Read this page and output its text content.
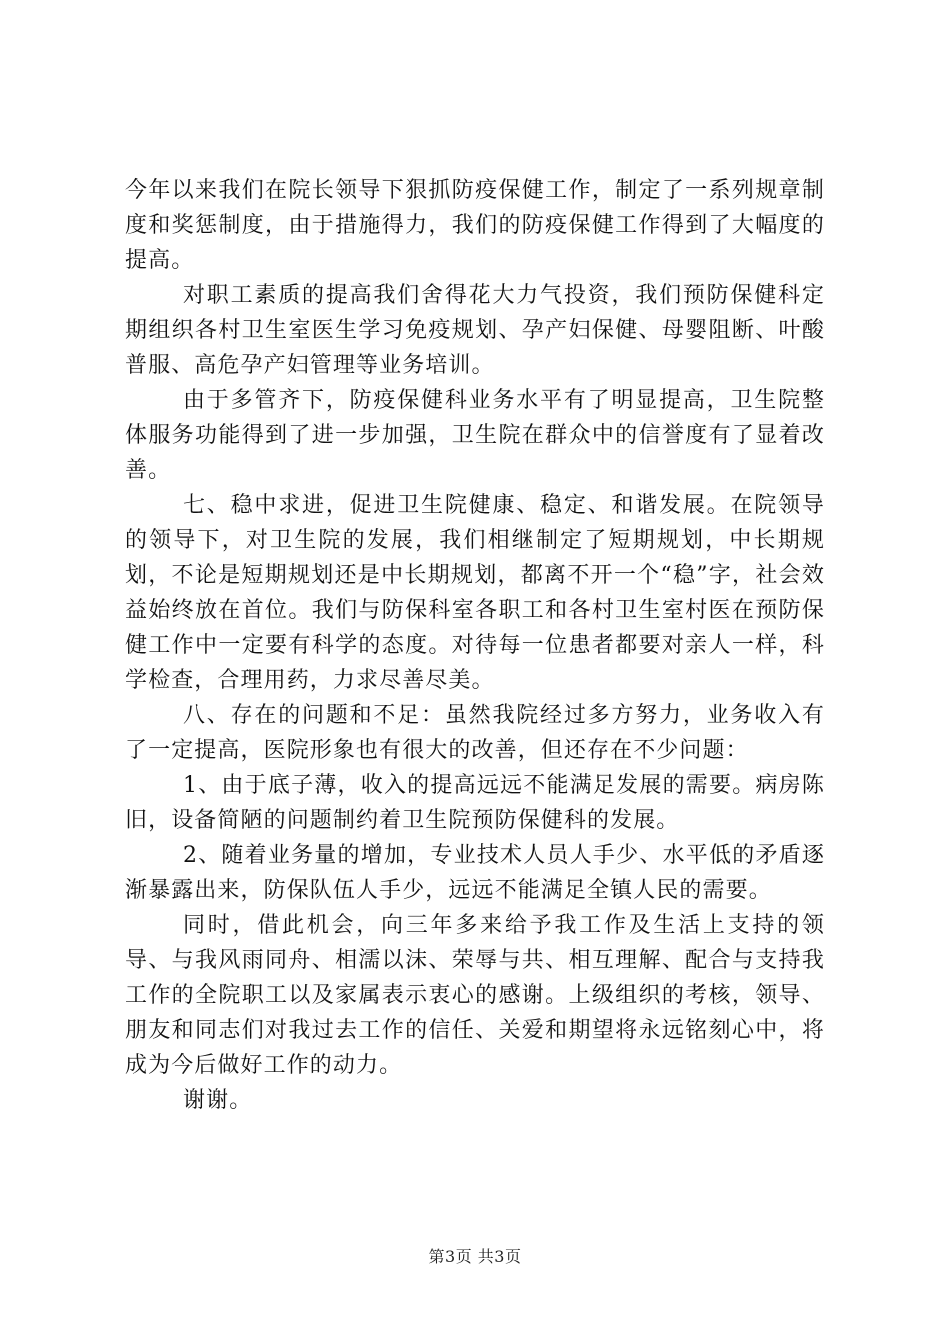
今年以来我们在院长领导下狠抓防疫保健工作，制定了一系列规章制度和奖惩制度，由于措施得力，我们的防疫保健工作得到了大幅度的提高。

对职工素质的提高我们舍得花大力气投资，我们预防保健科定期组织各村卫生室医生学习免疫规划、孕产妇保健、母婴阻断、叶酸普服、高危孕产妇管理等业务培训。

由于多管齐下，防疫保健科业务水平有了明显提高，卫生院整体服务功能得到了进一步加强，卫生院在群众中的信誉度有了显着改善。

七、稳中求进，促进卫生院健康、稳定、和谐发展。在院领导的领导下，对卫生院的发展，我们相继制定了短期规划，中长期规划，不论是短期规划还是中长期规划，都离不开一个“稳”字，社会效益始终放在首位。我们与防保科室各职工和各村卫生室村医在预防保健工作中一定要有科学的态度。对待每一位患者都要对亲人一样，科学检查，合理用药，力求尽善尽美。

八、存在的问题和不足：虽然我院经过多方努力，业务收入有了一定提高，医院形象也有很大的改善，但还存在不少问题：

1、由于底子薄，收入的提高远远不能满足发展的需要。病房陈旧，设备简陋的问题制约着卫生院预防保健科的发展。

2、随着业务量的增加，专业技术人员人手少、水平低的矛盾逐渐暴露出来，防保队伍人手少，远远不能满足全镇人民的需要。

同时，借此机会，向三年多来给予我工作及生活上支持的领导、与我风雨同舟、相濡以沫、荣辱与共、相互理解、配合与支持我工作的全院职工以及家属表示衷心的感谢。上级组织的考核，领导、朋友和同志们对我过去工作的信任、关爱和期望将永远铭刻心中，将成为今后做好工作的动力。

谢谢。

第3页 共3页
